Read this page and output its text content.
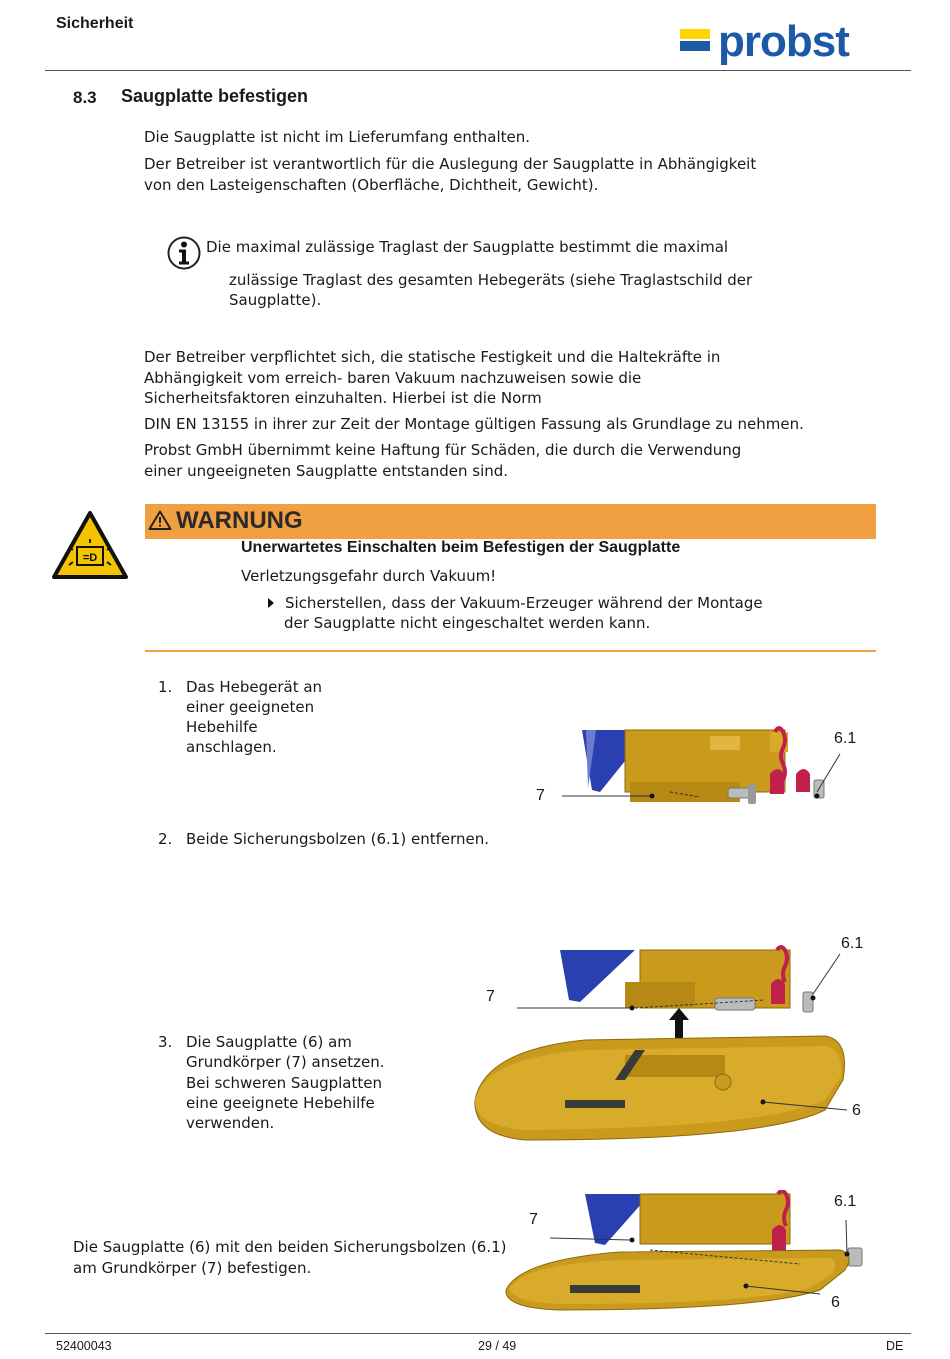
Sicherheit	probst
8.3 Saugplatte befestigen
Die Saugplatte ist nicht im Lieferumfang enthalten.
Der Betreiber ist verantwortlich für die Auslegung der Saugplatte in Abhängigkeit
von den Lasteigenschaften (Oberfläche, Dichtheit, Gewicht).
Die maximal zulässige Traglast der Saugplatte bestimmt die maximal
zulässige Traglast des gesamten Hebegeräts (siehe Traglastschild der
Saugplatte).
Der Betreiber verpflichtet sich, die statische Festigkeit und die Haltekräfte in
Abhängigkeit vom erreich- baren Vakuum nachzuweisen sowie die
Sicherheitsfaktoren einzuhalten. Hierbei ist die Norm
DIN EN 13155 in ihrer zur Zeit der Montage gültigen Fassung als Grundlage zu nehmen.
Probst GmbH übernimmt keine Haftung für Schäden, die durch die Verwendung
einer ungeeigneten Saugplatte entstanden sind.
=D
WARNUNG
Unerwartetes Einschalten beim Befestigen der Saugplatte
Verletzungsgefahr durch Vakuum!
Sicherstellen, dass der Vakuum-Erzeuger während der Montage
der Saugplatte nicht eingeschaltet werden kann.
1. Das Hebegerät an
einer geeigneten
Hebehilfe
anschlagen.	6.1
7
2. Beide Sicherungsbolzen (6.1) entfernen.
6.1
7
6
3. Die Saugplatte (6) am
Grundkörper (7) ansetzen.
Bei schweren Saugplatten
eine geeignete Hebehilfe
verwenden.
6.1
7
6
Die Saugplatte (6) mit den beiden Sicherungsbolzen (6.1)
am Grundkörper (7) befestigen.
52400043	29 / 49	DE
